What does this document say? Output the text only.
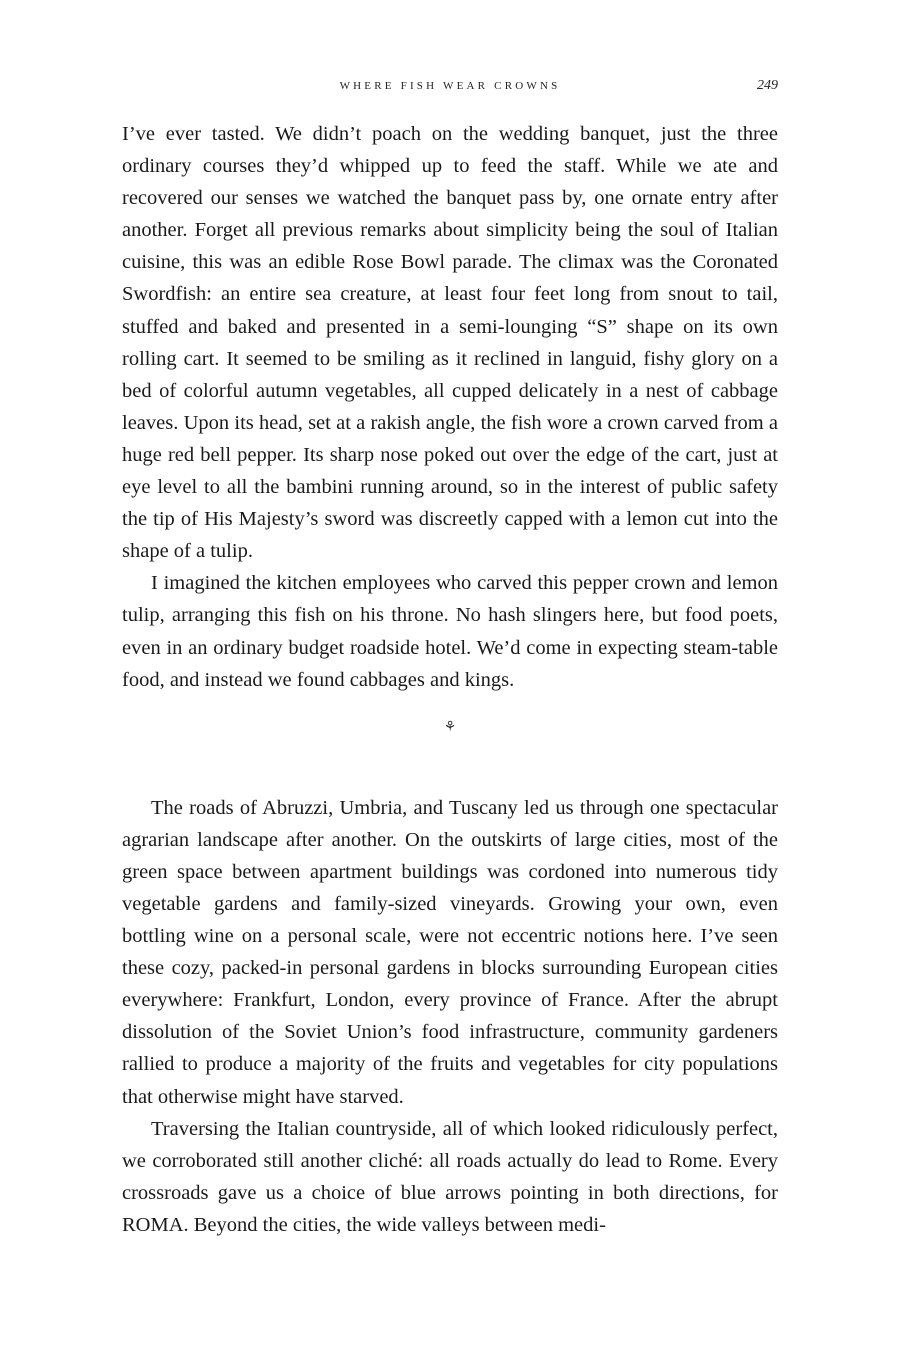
WHERE FISH WEAR CROWNS	249

I’ve ever tasted. We didn’t poach on the wedding banquet, just the three ordinary courses they’d whipped up to feed the staff. While we ate and recovered our senses we watched the banquet pass by, one ornate entry after another. Forget all previous remarks about simplicity being the soul of Italian cuisine, this was an edible Rose Bowl parade. The climax was the Coronated Swordfish: an entire sea creature, at least four feet long from snout to tail, stuffed and baked and presented in a semi-lounging “S” shape on its own rolling cart. It seemed to be smiling as it reclined in languid, fishy glory on a bed of colorful autumn vegetables, all cupped delicately in a nest of cabbage leaves. Upon its head, set at a rakish angle, the fish wore a crown carved from a huge red bell pepper. Its sharp nose poked out over the edge of the cart, just at eye level to all the bambini running around, so in the interest of public safety the tip of His Majesty’s sword was discreetly capped with a lemon cut into the shape of a tulip.

I imagined the kitchen employees who carved this pepper crown and lemon tulip, arranging this fish on his throne. No hash slingers here, but food poets, even in an ordinary budget roadside hotel. We’d come in expecting steam-table food, and instead we found cabbages and kings.

⚘

The roads of Abruzzi, Umbria, and Tuscany led us through one spectacular agrarian landscape after another. On the outskirts of large cities, most of the green space between apartment buildings was cordoned into numerous tidy vegetable gardens and family-sized vineyards. Growing your own, even bottling wine on a personal scale, were not eccentric notions here. I’ve seen these cozy, packed-in personal gardens in blocks surrounding European cities everywhere: Frankfurt, London, every province of France. After the abrupt dissolution of the Soviet Union’s food infrastructure, community gardeners rallied to produce a majority of the fruits and vegetables for city populations that otherwise might have starved.

Traversing the Italian countryside, all of which looked ridiculously perfect, we corroborated still another cliché: all roads actually do lead to Rome. Every crossroads gave us a choice of blue arrows pointing in both directions, for ROMA. Beyond the cities, the wide valleys between medi-
